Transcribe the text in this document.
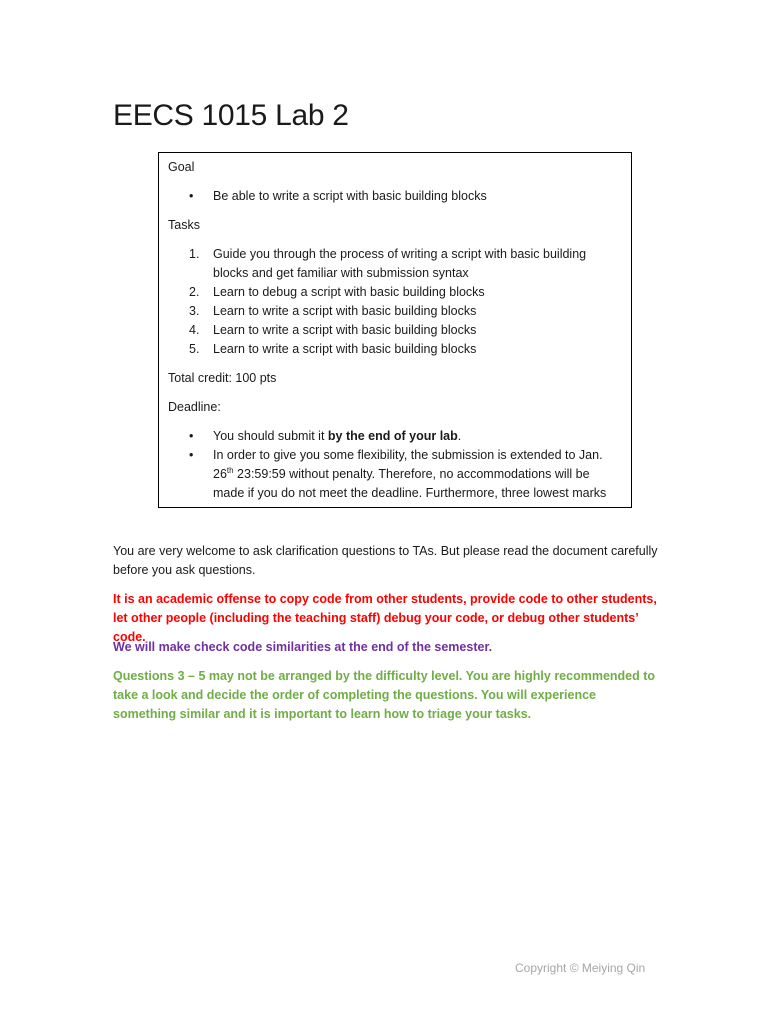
EECS 1015 Lab 2

Goal

• Be able to write a script with basic building blocks

Tasks

1.	Guide you through the process of writing a script with basic building blocks and get familiar with submission syntax
2.	Learn to debug a script with basic building blocks
3.	Learn to write a script with basic building blocks
4.	Learn to write a script with basic building blocks
5.	Learn to write a script with basic building blocks

Total credit: 100 pts

Deadline:

• You should submit it by the end of your lab.
• In order to give you some flexibility, the submission is extended to Jan. 26th 23:59:59 without penalty. Therefore, no accommodations will be made if you do not meet the deadline. Furthermore, three lowest marks

You are very welcome to ask clarification questions to TAs. But please read the document carefully before you ask questions.

It is an academic offense to copy code from other students, provide code to other students, let other people (including the teaching staff) debug your code, or debug other students’ code.

We will make check code similarities at the end of the semester.

Questions 3 – 5 may not be arranged by the difficulty level. You are highly recommended to take a look and decide the order of completing the questions. You will experience something similar and it is important to learn how to triage your tasks.

Copyright © Meiying Qin
